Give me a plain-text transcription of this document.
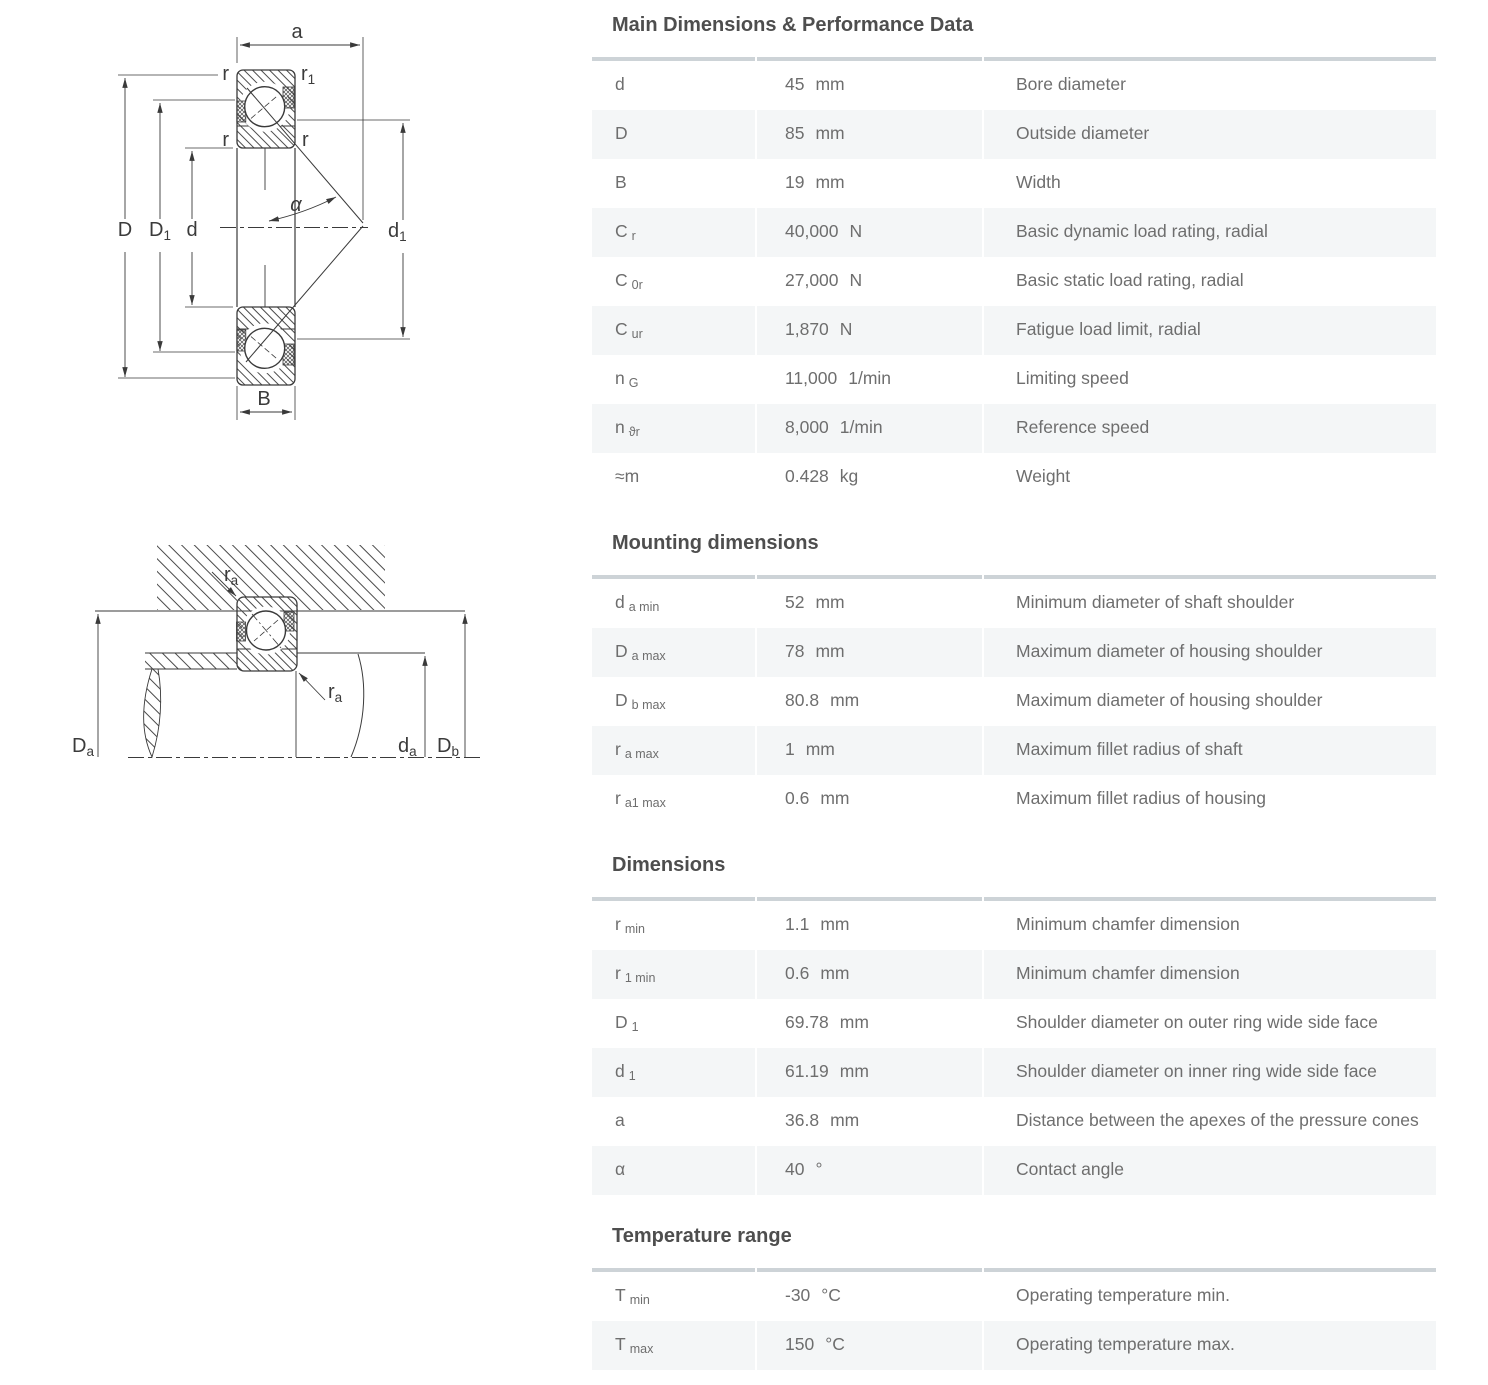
a
r	$r_1$
r	r
α
D $D_1$ d	$d_1$
B
$r_a$
$r_a$
$D_a$	$d_a$ $D_b$
Main Dimensions & Performance Data
d	45 mm	Bore diameter
D	85 mm	Outside diameter
B	19 mm	Width
C r	40,000 N	Basic dynamic load rating, radial
C 0r	27,000 N	Basic static load rating, radial
C ur	1,870 N	Fatigue load limit, radial
n G	11,000 1/min	Limiting speed
n ϑr	8,000 1/min	Reference speed
≈m	0.428 kg	Weight
Mounting dimensions
d a min	52 mm	Minimum diameter of shaft shoulder
D a max	78 mm	Maximum diameter of housing shoulder
D b max	80.8 mm	Maximum diameter of housing shoulder
r a max	1 mm	Maximum fillet radius of shaft
r a1 max	0.6 mm	Maximum fillet radius of housing
Dimensions
r min	1.1 mm	Minimum chamfer dimension
r 1 min	0.6 mm	Minimum chamfer dimension
D 1	69.78 mm	Shoulder diameter on outer ring wide side face
d 1	61.19 mm	Shoulder diameter on inner ring wide side face
a	36.8 mm	Distance between the apexes of the pressure cones
α	40 °	Contact angle
Temperature range
T min	-30 °C	Operating temperature min.
T max	150 °C	Operating temperature max.
